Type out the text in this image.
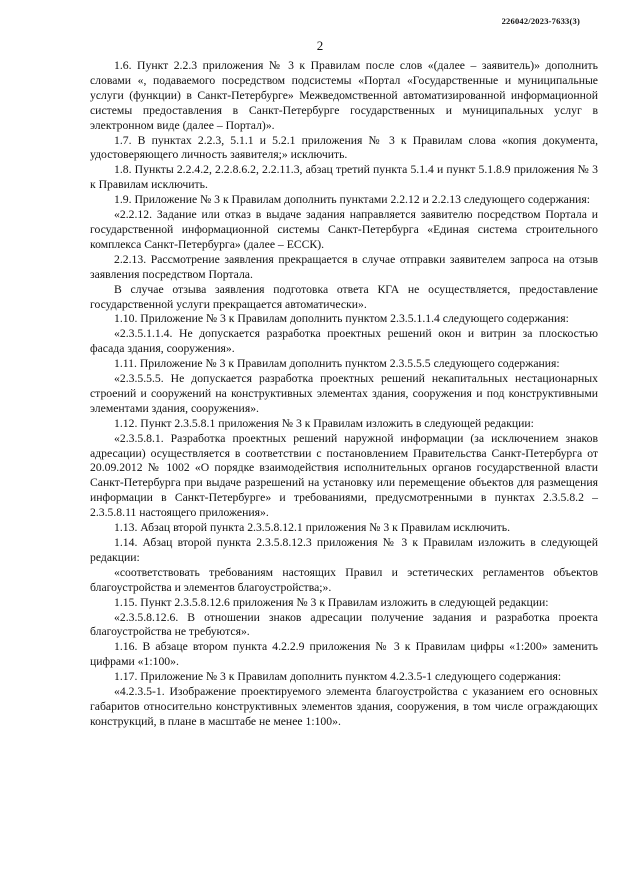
226042/2023-7633(3)
2

1.6. Пункт 2.2.3 приложения № 3 к Правилам после слов «(далее – заявитель)» дополнить словами «, подаваемого посредством подсистемы «Портал «Государственные и муниципальные услуги (функции) в Санкт-Петербурге» Межведомственной автоматизированной информационной системы предоставления в Санкт-Петербурге государственных и муниципальных услуг в электронном виде (далее – Портал)».

1.7. В пунктах 2.2.3, 5.1.1 и 5.2.1 приложения № 3 к Правилам слова «копия документа, удостоверяющего личность заявителя;» исключить.

1.8. Пункты 2.2.4.2, 2.2.8.6.2, 2.2.11.3, абзац третий пункта 5.1.4 и пункт 5.1.8.9 приложения № 3 к Правилам исключить.

1.9. Приложение № 3 к Правилам дополнить пунктами 2.2.12 и 2.2.13 следующего содержания:

«2.2.12. Задание или отказ в выдаче задания направляется заявителю посредством Портала и государственной информационной системы Санкт-Петербурга «Единая система строительного комплекса Санкт-Петербурга» (далее – ЕССК).

2.2.13. Рассмотрение заявления прекращается в случае отправки заявителем запроса на отзыв заявления посредством Портала.

В случае отзыва заявления подготовка ответа КГА не осуществляется, предоставление государственной услуги прекращается автоматически».

1.10. Приложение № 3 к Правилам дополнить пунктом 2.3.5.1.1.4 следующего содержания:

«2.3.5.1.1.4. Не допускается разработка проектных решений окон и витрин за плоскостью фасада здания, сооружения».

1.11. Приложение № 3 к Правилам дополнить пунктом 2.3.5.5.5 следующего содержания:

«2.3.5.5.5. Не допускается разработка проектных решений некапитальных нестационарных строений и сооружений на конструктивных элементах здания, сооружения и под конструктивными элементами здания, сооружения».

1.12. Пункт 2.3.5.8.1 приложения № 3 к Правилам изложить в следующей редакции:

«2.3.5.8.1. Разработка проектных решений наружной информации (за исключением знаков адресации) осуществляется в соответствии с постановлением Правительства Санкт-Петербурга от 20.09.2012 № 1002 «О порядке взаимодействия исполнительных органов государственной власти Санкт-Петербурга при выдаче разрешений на установку или перемещение объектов для размещения информации в Санкт-Петербурге» и требованиями, предусмотренными в пунктах 2.3.5.8.2 – 2.3.5.8.11 настоящего приложения».

1.13. Абзац второй пункта 2.3.5.8.12.1 приложения № 3 к Правилам исключить.

1.14. Абзац второй пункта 2.3.5.8.12.3 приложения № 3 к Правилам изложить в следующей редакции:

«соответствовать требованиям настоящих Правил и эстетических регламентов объектов благоустройства и элементов благоустройства;».

1.15. Пункт 2.3.5.8.12.6 приложения № 3 к Правилам изложить в следующей редакции:

«2.3.5.8.12.6. В отношении знаков адресации получение задания и разработка проекта благоустройства не требуются».

1.16. В абзаце втором пункта 4.2.2.9 приложения № 3 к Правилам цифры «1:200» заменить цифрами «1:100».

1.17. Приложение № 3 к Правилам дополнить пунктом 4.2.3.5-1 следующего содержания:

«4.2.3.5-1. Изображение проектируемого элемента благоустройства с указанием его основных габаритов относительно конструктивных элементов здания, сооружения, в том числе ограждающих конструкций, в плане в масштабе не менее 1:100».
